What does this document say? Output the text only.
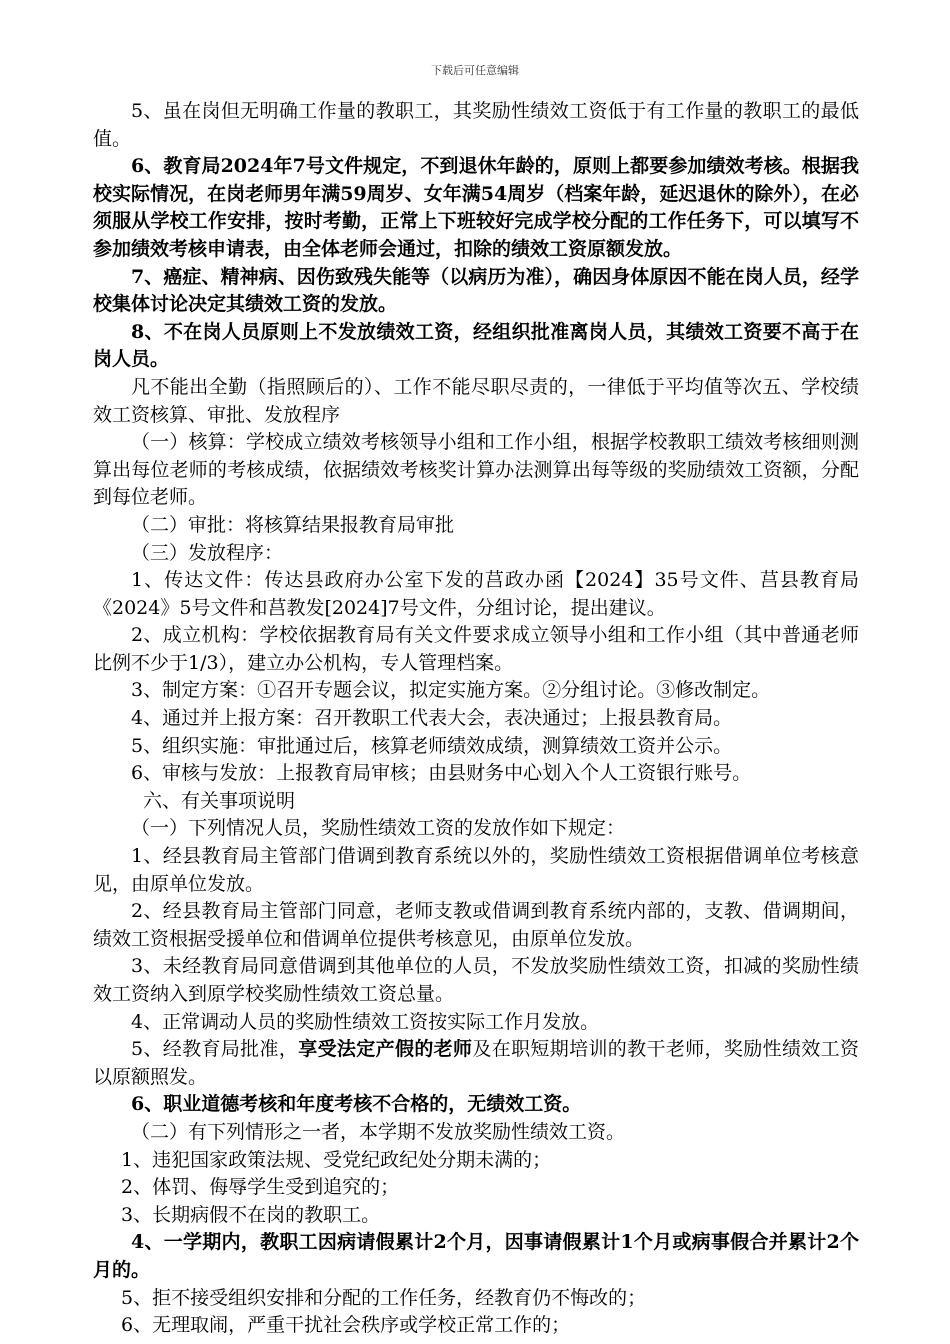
下载后可任意编辑

5、虽在岗但无明确工作量的教职工，其奖励性绩效工资低于有工作量的教职工的最低值。

6、教育局2024年7号文件规定，不到退休年龄的，原则上都要参加绩效考核。根据我校实际情况，在岗老师男年满59周岁、女年满54周岁（档案年龄，延迟退休的除外），在必须服从学校工作安排，按时考勤，正常上下班较好完成学校分配的工作任务下，可以填写不参加绩效考核申请表，由全体老师会通过，扣除的绩效工资原额发放。

7、癌症、精神病、因伤致残失能等（以病历为准），确因身体原因不能在岗人员，经学校集体讨论决定其绩效工资的发放。

8、不在岗人员原则上不发放绩效工资，经组织批准离岗人员，其绩效工资要不高于在岗人员。

凡不能出全勤（指照顾后的）、工作不能尽职尽责的，一律低于平均值等次五、学校绩效工资核算、审批、发放程序

（一）核算：学校成立绩效考核领导小组和工作小组，根据学校教职工绩效考核细则测算出每位老师的考核成绩，依据绩效考核奖计算办法测算出每等级的奖励绩效工资额，分配到每位老师。

（二）审批：将核算结果报教育局审批

（三）发放程序：

1、传达文件：传达县政府办公室下发的莒政办函【2024】35号文件、莒县教育局《2024》5号文件和莒教发[2024]7号文件，分组讨论，提出建议。

2、成立机构：学校依据教育局有关文件要求成立领导小组和工作小组（其中普通老师比例不少于1/3），建立办公机构，专人管理档案。

3、制定方案：①召开专题会议，拟定实施方案。②分组讨论。③修改制定。

4、通过并上报方案：召开教职工代表大会，表决通过；上报县教育局。

5、组织实施：审批通过后，核算老师绩效成绩，测算绩效工资并公示。

6、审核与发放：上报教育局审核；由县财务中心划入个人工资银行账号。

六、有关事项说明

（一）下列情况人员，奖励性绩效工资的发放作如下规定：

1、经县教育局主管部门借调到教育系统以外的，奖励性绩效工资根据借调单位考核意见，由原单位发放。

2、经县教育局主管部门同意，老师支教或借调到教育系统内部的，支教、借调期间，绩效工资根据受援单位和借调单位提供考核意见，由原单位发放。

3、未经教育局同意借调到其他单位的人员，不发放奖励性绩效工资，扣减的奖励性绩效工资纳入到原学校奖励性绩效工资总量。

4、正常调动人员的奖励性绩效工资按实际工作月发放。

5、经教育局批准，享受法定产假的老师及在职短期培训的教干老师，奖励性绩效工资以原额照发。

6、职业道德考核和年度考核不合格的，无绩效工资。

（二）有下列情形之一者，本学期不发放奖励性绩效工资。

1、违犯国家政策法规、受党纪政纪处分期未满的；

2、体罚、侮辱学生受到追究的；

3、长期病假不在岗的教职工。

4、一学期内，教职工因病请假累计2个月，因事请假累计1个月或病事假合并累计2个月的。

5、拒不接受组织安排和分配的工作任务，经教育仍不悔改的；

6、无理取闹，严重干扰社会秩序或学校正常工作的；
